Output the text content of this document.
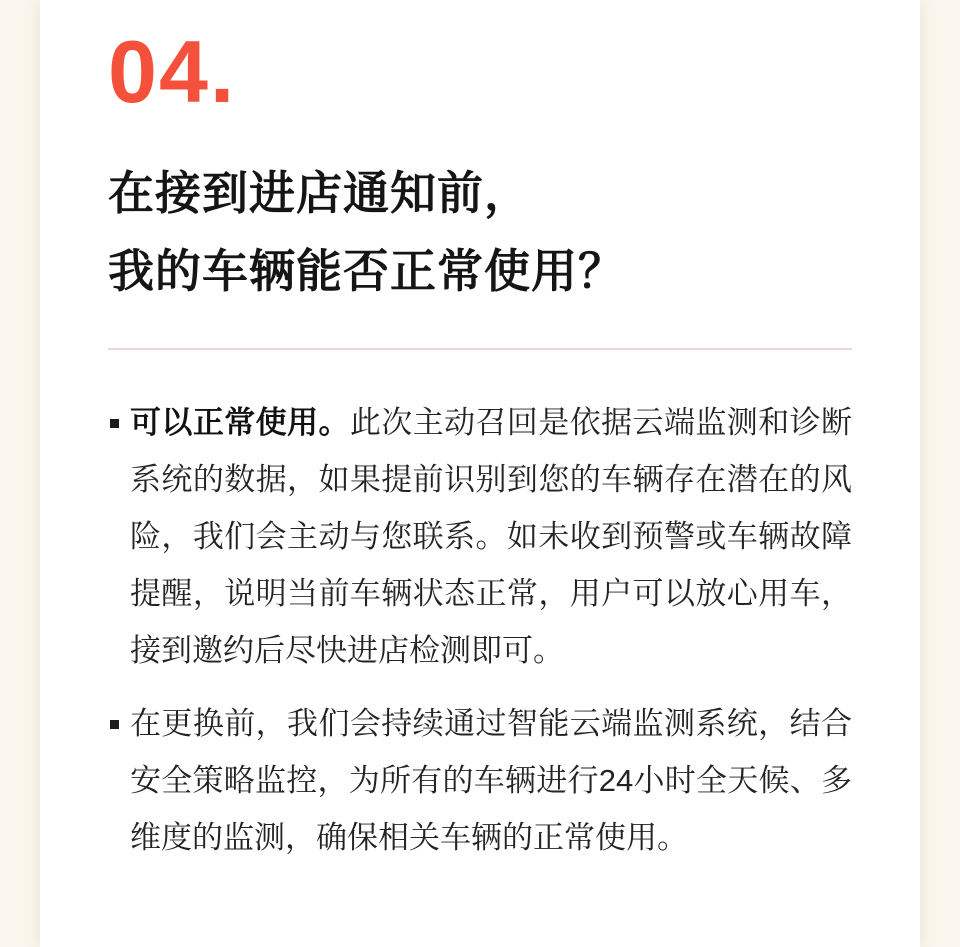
04.
在接到进店通知前，
我的车辆能否正常使用？
可以正常使用。此次主动召回是依据云端监测和诊断系统的数据，如果提前识别到您的车辆存在潜在的风险，我们会主动与您联系。如未收到预警或车辆故障提醒，说明当前车辆状态正常，用户可以放心用车，接到邀约后尽快进店检测即可。
在更换前，我们会持续通过智能云端监测系统，结合安全策略监控，为所有的车辆进行24小时全天候、多维度的监测，确保相关车辆的正常使用。
